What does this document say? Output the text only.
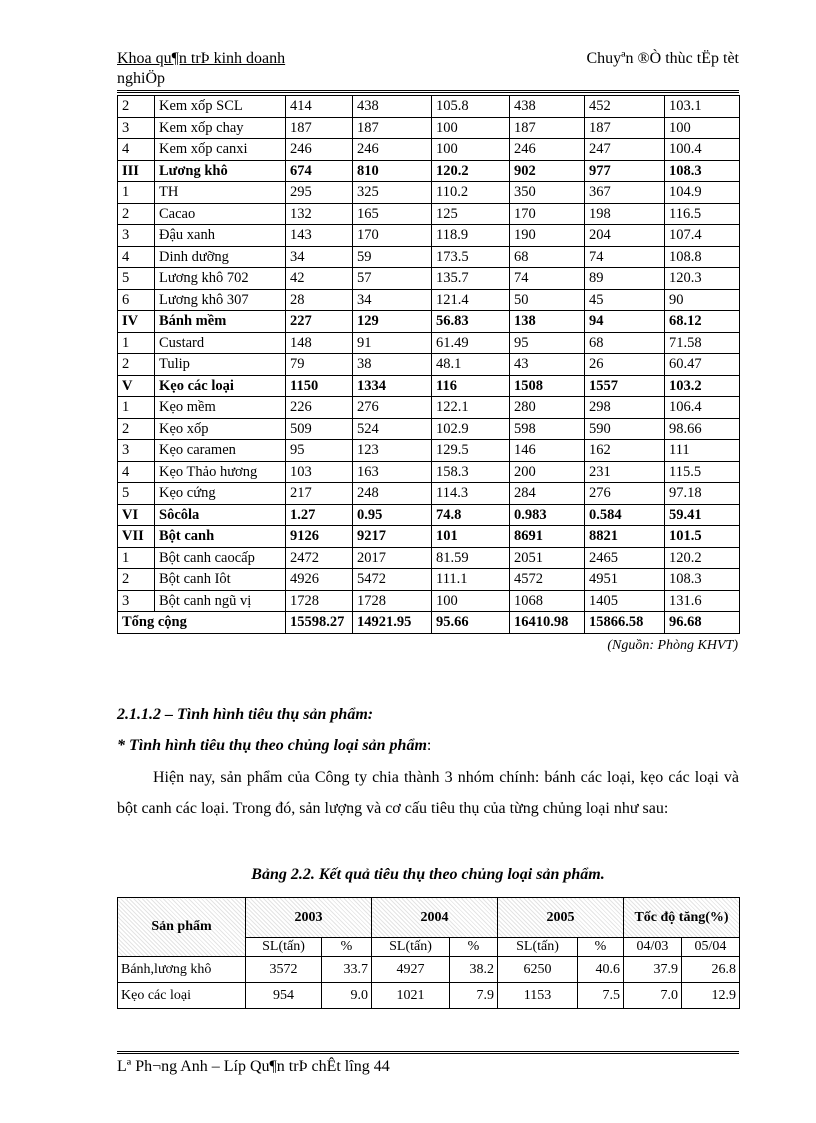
Khoa qu¶n trÞ kinh doanh	Chuyªn ®Ò thùc tËp tèt
nghiÖp
2	Kem xốp SCL	414	438	105.8	438	452	103.1
3	Kem xốp chay	187	187	100	187	187	100
4	Kem xốp canxi	246	246	100	246	247	100.4
III	Lương khô	674	810	120.2	902	977	108.3
1	TH	295	325	110.2	350	367	104.9
2	Cacao	132	165	125	170	198	116.5
3	Đậu xanh	143	170	118.9	190	204	107.4
4	Dinh dưỡng	34	59	173.5	68	74	108.8
5	Lương khô 702	42	57	135.7	74	89	120.3
6	Lương khô 307	28	34	121.4	50	45	90
IV	Bánh mềm	227	129	56.83	138	94	68.12
1	Custard	148	91	61.49	95	68	71.58
2	Tulip	79	38	48.1	43	26	60.47
V	Kẹo các loại	1150	1334	116	1508	1557	103.2
1	Kẹo mềm	226	276	122.1	280	298	106.4
2	Kẹo xốp	509	524	102.9	598	590	98.66
3	Kẹo caramen	95	123	129.5	146	162	111
4	Kẹo Thảo hương	103	163	158.3	200	231	115.5
5	Kẹo cứng	217	248	114.3	284	276	97.18
VI	Sôcôla	1.27	0.95	74.8	0.983	0.584	59.41
VII	Bột canh	9126	9217	101	8691	8821	101.5
1	Bột canh caocấp	2472	2017	81.59	2051	2465	120.2
2	Bột canh Iôt	4926	5472	111.1	4572	4951	108.3
3	Bột canh ngũ vị	1728	1728	100	1068	1405	131.6
Tổng cộng		15598.27	14921.95	95.66	16410.98	15866.58	96.68
(Nguồn: Phòng KHVT)
2.1.1.2 – Tình hình tiêu thụ sản phẩm:
* Tình hình tiêu thụ theo chủng loại sản phẩm:
Hiện nay, sản phẩm của Công ty chia thành 3 nhóm chính: bánh các loại, kẹo các loại và bột canh các loại. Trong đó, sản lượng và cơ cấu tiêu thụ của từng chủng loại như sau:
Bảng 2.2. Kết quả tiêu thụ theo chủng loại sản phẩm.
Sản phẩm	2003		2004		2005		Tốc độ tăng(%)	
	SL(tấn)	%	SL(tấn)	%	SL(tấn)	%	04/03	05/04
Bánh,lương khô	3572	33.7	4927	38.2	6250	40.6	37.9	26.8
Kẹo các loại	954	9.0	1021	7.9	1153	7.5	7.0	12.9
Lª Ph¬ng Anh – Líp Qu¶n trÞ chÊt lîng 44
